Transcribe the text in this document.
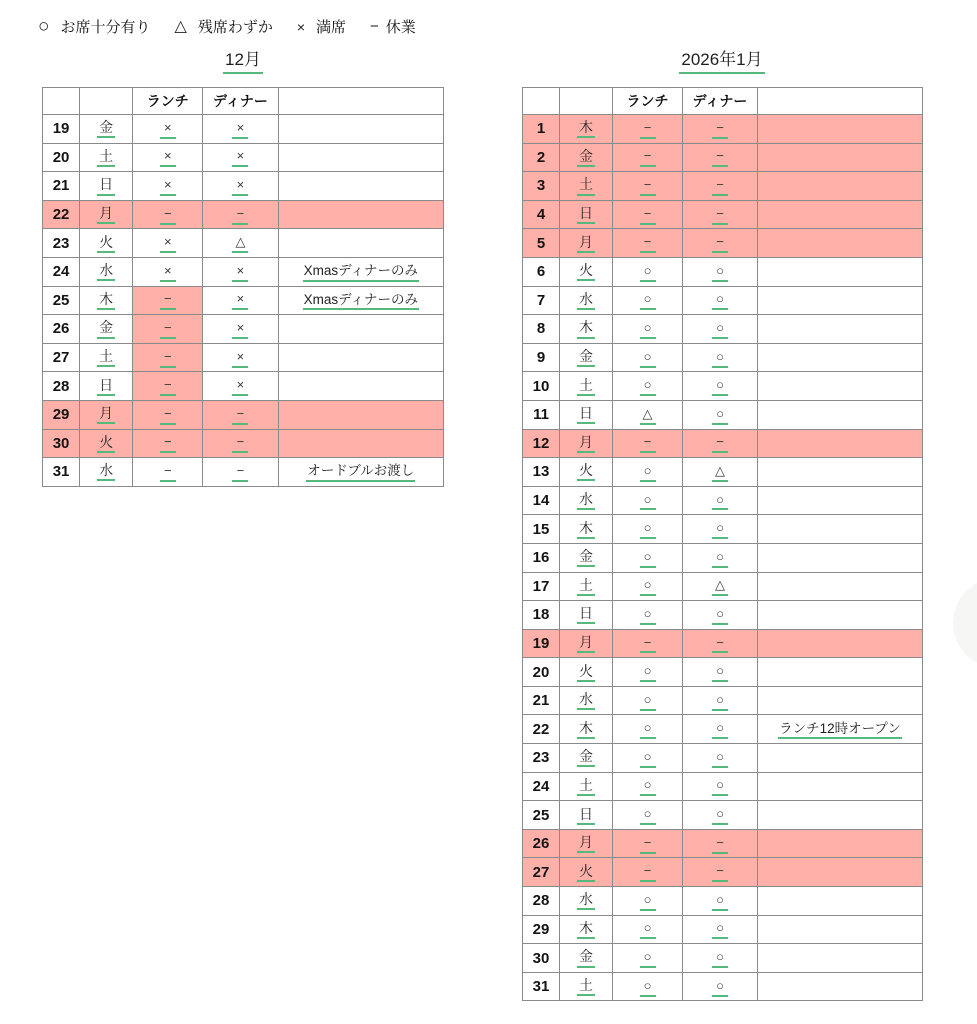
○ お席十分有り △ 残席わずか × 満席 − 休業
12月
		ランチ	ディナー	
19	金	×	×	
20	土	×	×	
21	日	×	×	
22	月	−	−	
23	火	×	△	
24	水	×	×	Xmasディナーのみ
25	木	−	×	Xmasディナーのみ
26	金	−	×	
27	土	−	×	
28	日	−	×	
29	月	−	−	
30	火	−	−	
31	水	−	−	オードブルお渡し
2026年1月
		ランチ	ディナー	
1	木	−	−	
2	金	−	−	
3	土	−	−	
4	日	−	−	
5	月	−	−	
6	火	○	○	
7	水	○	○	
8	木	○	○	
9	金	○	○	
10	土	○	○	
11	日	△	○	
12	月	−	−	
13	火	○	△	
14	水	○	○	
15	木	○	○	
16	金	○	○	
17	土	○	△	
18	日	○	○	
19	月	−	−	
20	火	○	○	
21	水	○	○	
22	木	○	○	ランチ12時オープン
23	金	○	○	
24	土	○	○	
25	日	○	○	
26	月	−	−	
27	火	−	−	
28	水	○	○	
29	木	○	○	
30	金	○	○	
31	土	○	○	
